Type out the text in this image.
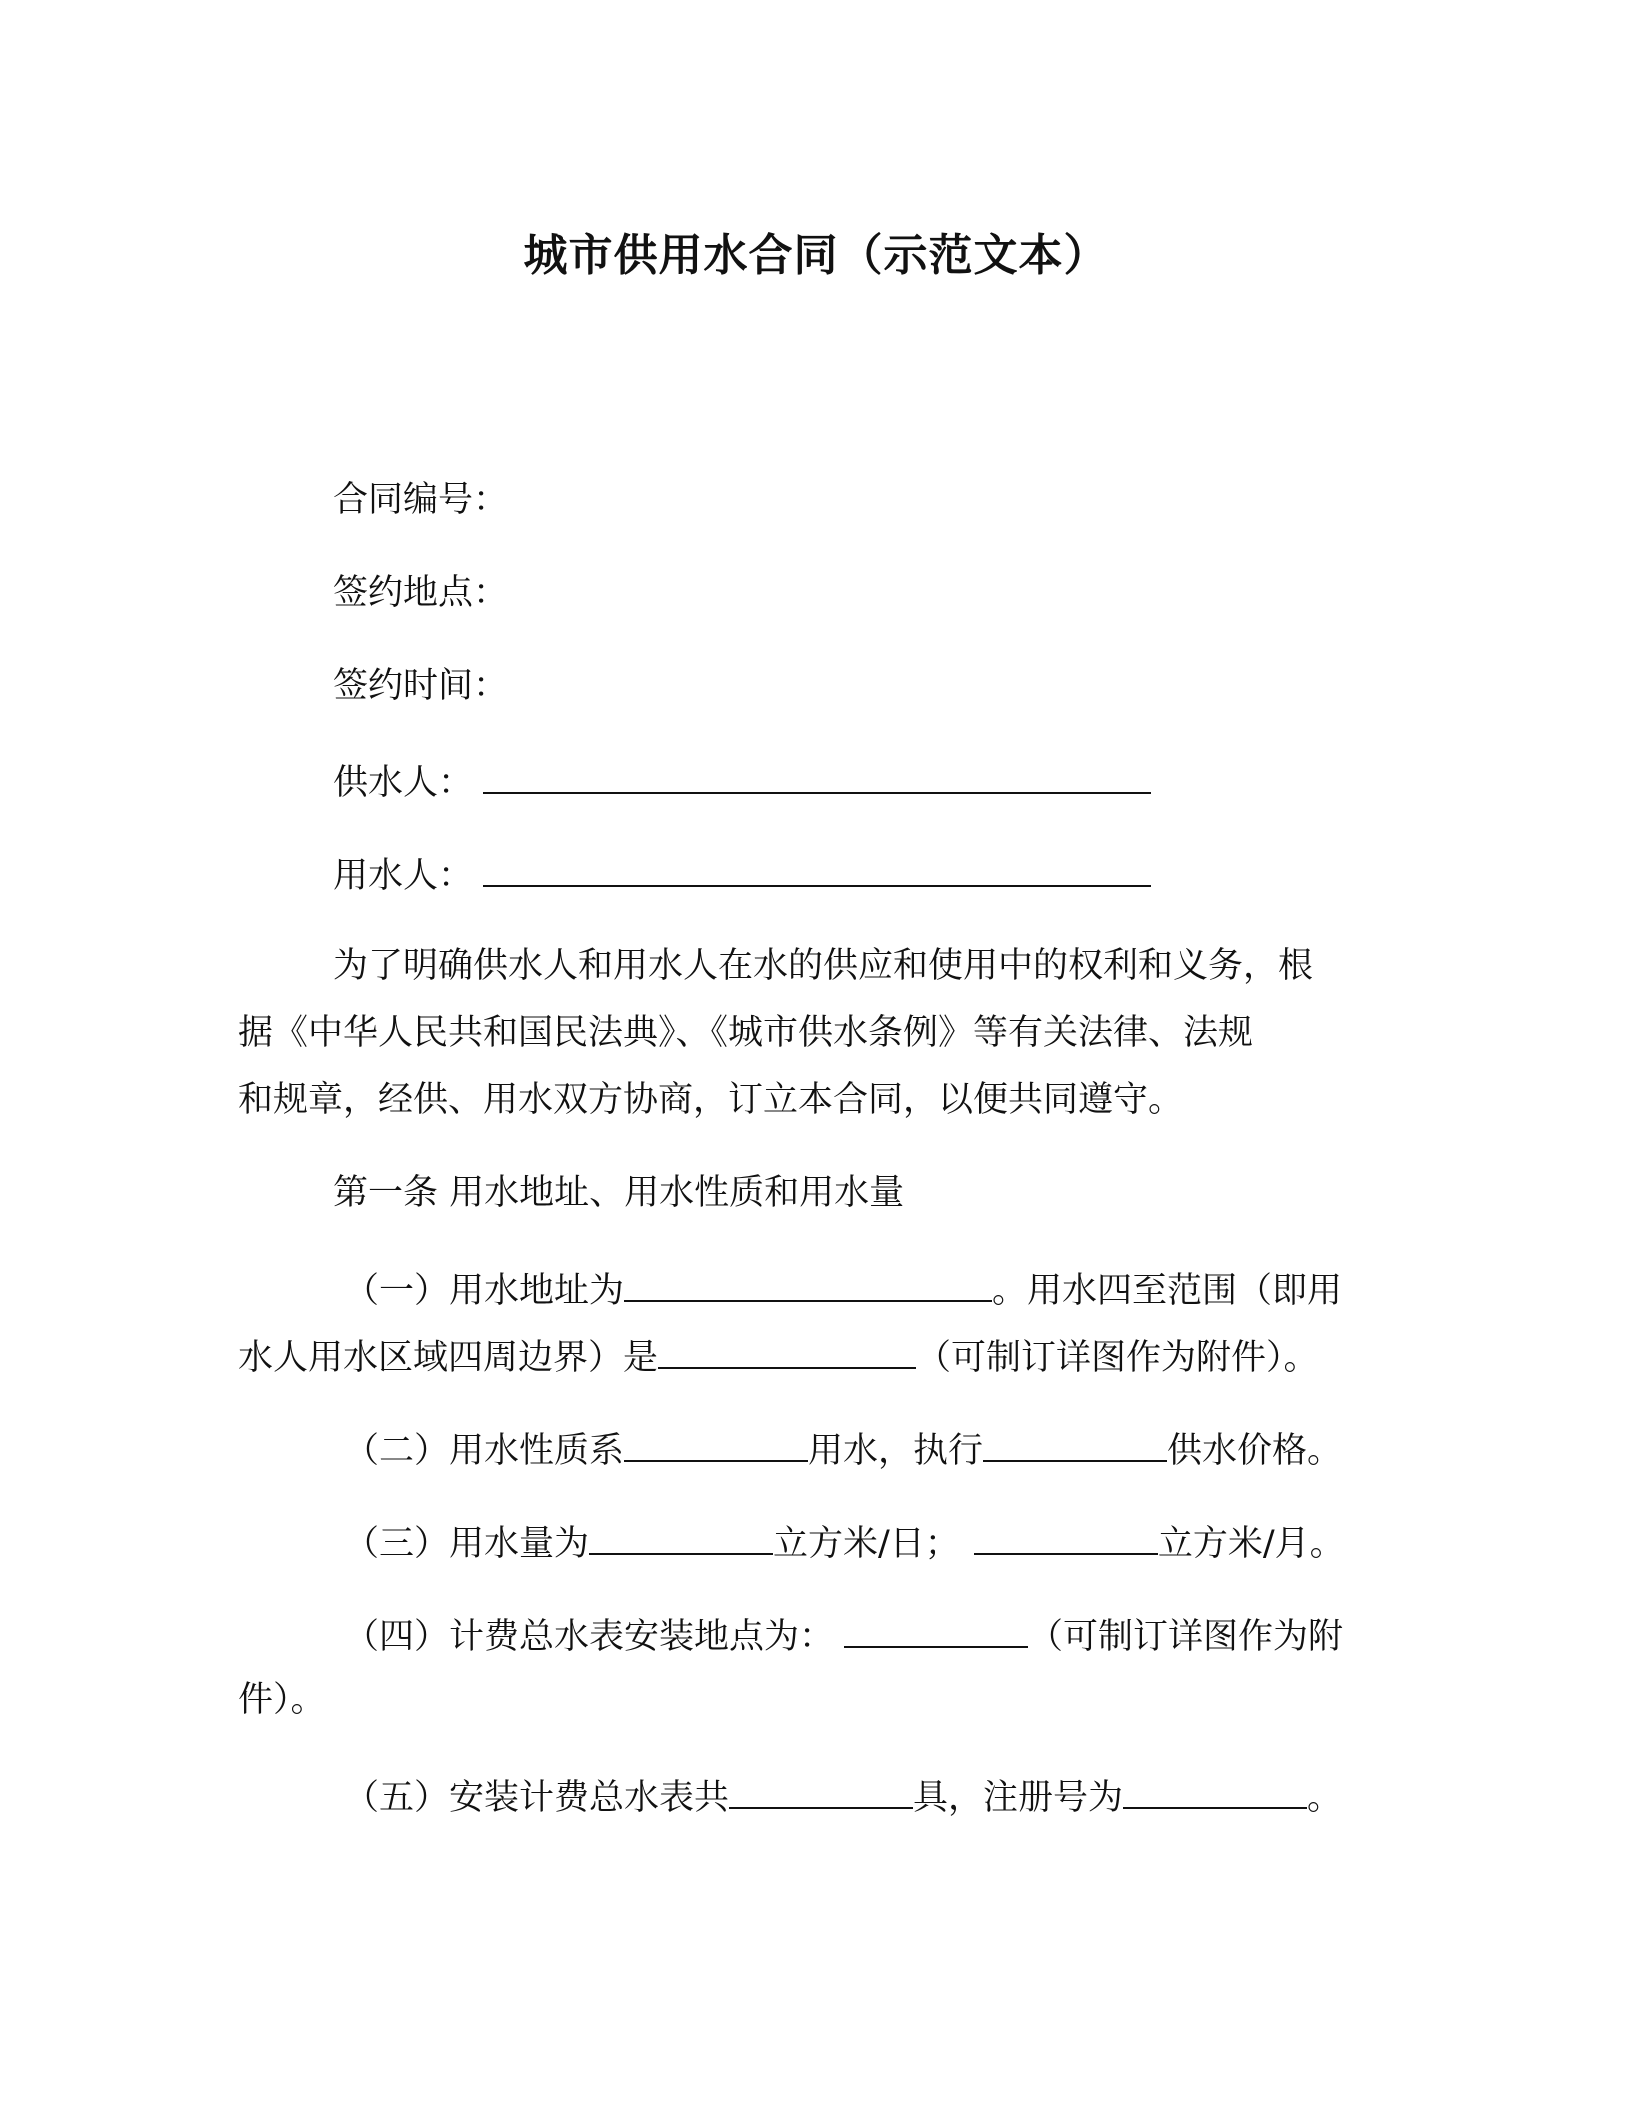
城市供用水合同（示范文本）
合同编号：
签约地点：
签约时间：
供水人：
用水人：
为了明确供水人和用水人在水的供应和使用中的权利和义务，根
据《中华人民共和国民法典》、《城市供水条例》等有关法律、法规
和规章，经供、用水双方协商，订立本合同，以便共同遵守。
第一条 用水地址、用水性质和用水量
（一）用水地址为	。用水四至范围（即用
水人用水区域四周边界）是	（可制订详图作为附件）。
（二）用水性质系	用水，执行	供水价格。
（三）用水量为	立方米/日；	立方米/月。
（四）计费总水表安装地点为：	（可制订详图作为附
件）。
（五）安装计费总水表共	具，注册号为	。
